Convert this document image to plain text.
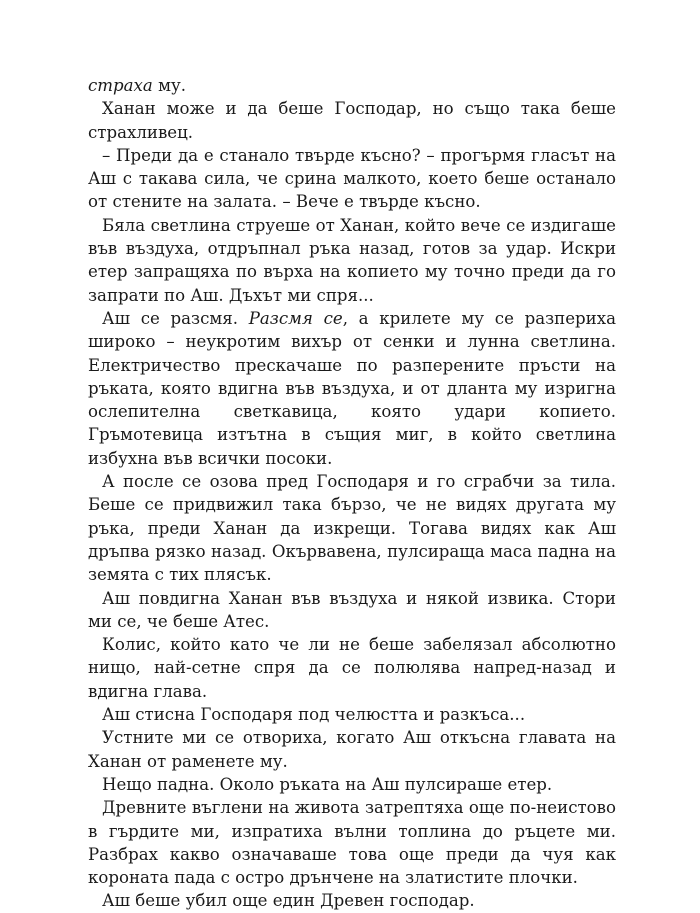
страха му.

Ханан може и да беше Господар, но също така беше страхливец.

– Преди да е станало твърде късно? – прогърмя гласът на Аш с такава сила, че срина малкото, което беше останало от стените на залата. – Вече е твърде късно.

Бяла светлина струеше от Ханан, който вече се издигаше във въздуха, отдръпнал ръка назад, готов за удар. Искри етер запращяха по върха на копието му точно преди да го запрати по Аш. Дъхът ми спря...

Аш се разсмя. Разсмя се, а крилете му се разпериха широко – неукротим вихър от сенки и лунна светлина. Електричество прескачаше по разперените пръсти на ръката, която вдигна във въздуха, и от дланта му изригна ослепителна светкавица, която удари копието. Гръмотевица изтътна в същия миг, в който светлина избухна във всички посоки.

А после се озова пред Господаря и го сграбчи за тила. Беше се придвижил така бързо, че не видях другата му ръка, преди Ханан да изкрещи. Тогава видях как Аш дръпва рязко назад. Окървавена, пулсираща маса падна на земята с тих плясък.

Аш повдигна Ханан във въздуха и някой извика. Стори ми се, че беше Атес.

Колис, който като че ли не беше забелязал абсолютно нищо, най-сетне спря да се полюлява напред-назад и вдигна глава.

Аш стисна Господаря под челюстта и разкъса...

Устните ми се отвориха, когато Аш откъсна главата на Ханан от раменете му.

Нещо падна. Около ръката на Аш пулсираше етер.

Древните въглени на живота затрептяха още по-неистово в гърдите ми, изпратиха вълни топлина до ръцете ми. Разбрах какво означаваше това още преди да чуя как короната пада с остро дрънчене на златистите плочки.

Аш беше убил още един Древен господар.
